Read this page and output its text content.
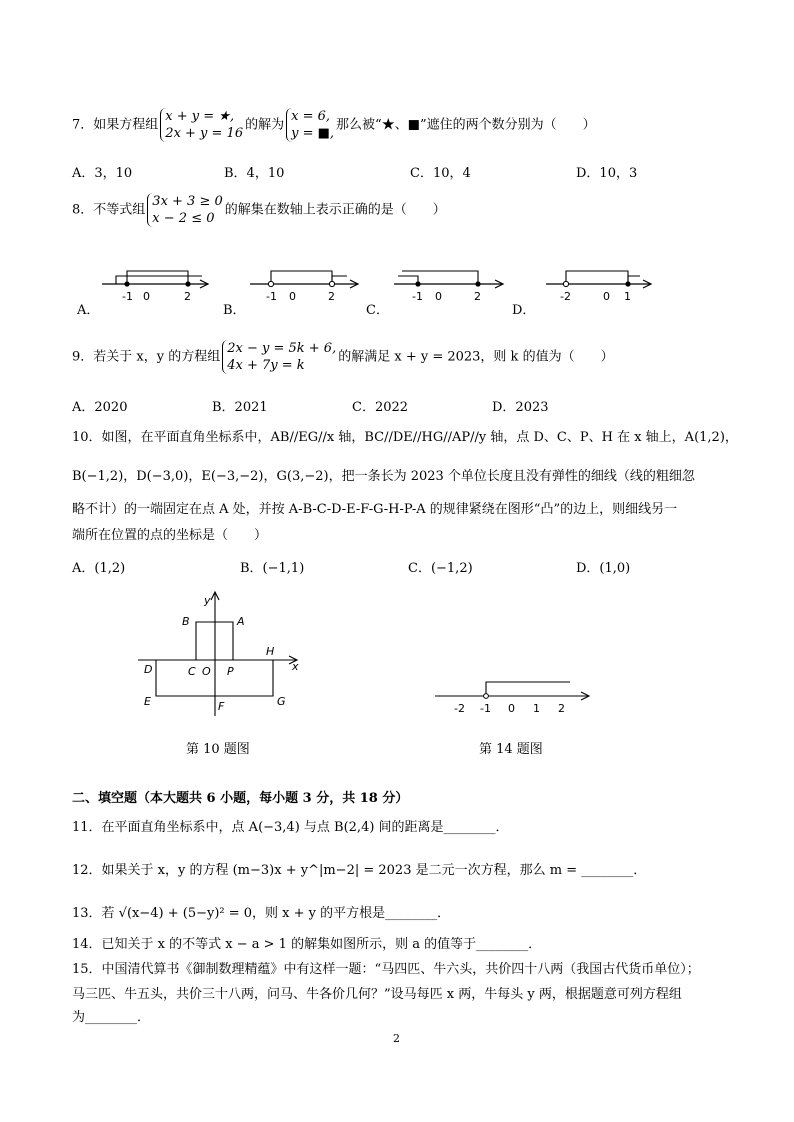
7．如果方程组
x + y = ★,
2x + y = 16
的解为
x = 6,
y = ■,
那么被“★、■”遮住的两个数分别为（　　）
A．3，10	B．4，10	C．10，4	D．10，3
8．不等式组
3x + 3 ≥ 0
x − 2 ≤ 0
的解集在数轴上表示正确的是（　　）
-1 0	2
A．
-1 0	2
B．
-1 0	2
C．
-2	0 1
D．
9．若关于 x，y 的方程组
2x − y = 5k + 6,
4x + 7y = k
的解满足 x + y = 2023，则 k 的值为（　　）
A．2020	B．2021	C．2022	D．2023
10．如图，在平面直角坐标系中，AB//EG//x 轴，BC//DE//HG//AP//y 轴，点 D、C、P、H 在 x 轴上，A(1,2)，
B(−1,2)，D(−3,0)，E(−3,−2)，G(3,−2)，把一条长为 2023 个单位长度且没有弹性的细线（线的粗细忽
略不计）的一端固定在点 A 处，并按 A-B-C-D-E-F-G-H-P-A 的规律紧绕在图形“凸”的边上，则细线另一
端所在位置的点的坐标是（　　）
A．(1,2)	B．(−1,1)	C．(−1,2)	D．(1,0)
y
x
B	A
H
D	C O P
E	F	G
第 10 题图
-2 -1 0 1 2
第 14 题图
二、填空题（本大题共 6 小题，每小题 3 分，共 18 分）
11．在平面直角坐标系中，点 A(−3,4) 与点 B(2,4) 间的距离是________．
12．如果关于 x，y 的方程 (m−3)x + y^|m−2| = 2023 是二元一次方程，那么 m = ________．
13．若 √(x−4) + (5−y)² = 0，则 x + y 的平方根是________．
14．已知关于 x 的不等式 x − a > 1 的解集如图所示，则 a 的值等于________．
15．中国清代算书《御制数理精蕴》中有这样一题：“马四匹、牛六头，共价四十八两（我国古代货币单位）；
马三匹、牛五头，共价三十八两，问马、牛各价几何？”设马每匹 x 两，牛每头 y 两，根据题意可列方程组
为________．
2
